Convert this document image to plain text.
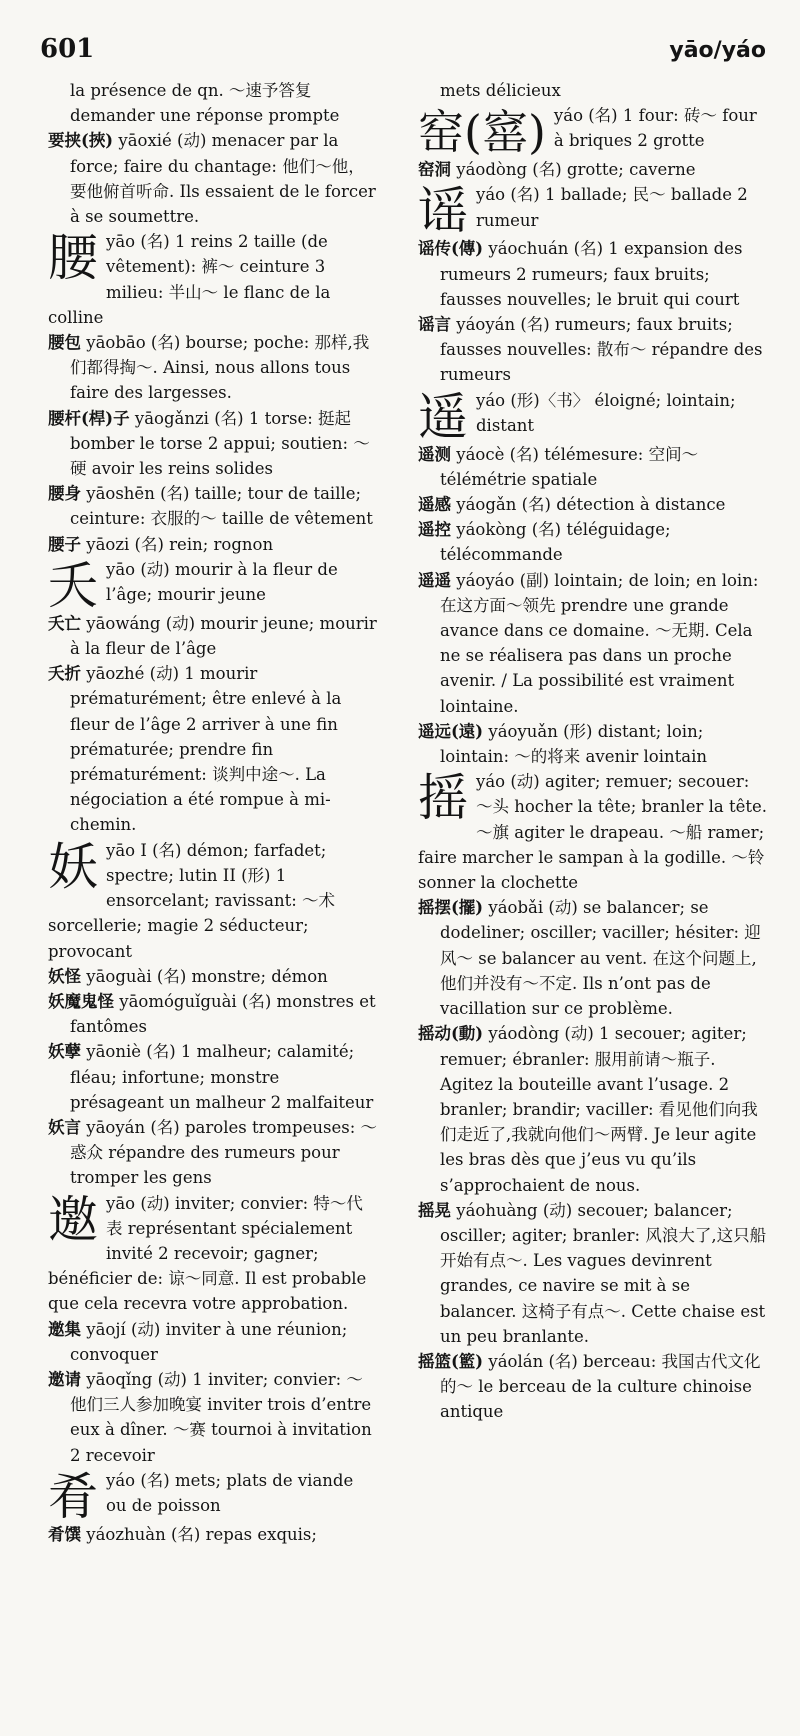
601	yāo/yáo
la présence de qn. ～速予答复 demander une réponse prompte
要挟(挾) yāoxié (动) menacer par la force; faire du chantage: 他们～他，要他俯首听命. Ils essaient de le forcer à se soumettre.
腰yāo (名) 1 reins 2 taille (de vêtement): 裤～ ceinture 3 milieu: 半山～ le flanc de la colline
腰包 yāobāo (名) bourse; poche: 那样,我们都得掏～. Ainsi, nous allons tous faire des largesses.
腰杆(桿)子 yāogǎnzi (名) 1 torse: 挺起 bomber le torse 2 appui; soutien: ～硬 avoir les reins solides
腰身 yāoshēn (名) taille; tour de taille; ceinture: 衣服的～ taille de vêtement
腰子 yāozi (名) rein; rognon
夭yāo (动) mourir à la fleur de l’âge; mourir jeune
夭亡 yāowáng (动) mourir jeune; mourir à la fleur de l’âge
夭折 yāozhé (动) 1 mourir prématurément; être enlevé à la fleur de l’âge 2 arriver à une fin prématurée; prendre fin prématurément: 谈判中途～. La négociation a été rompue à mi-chemin.
妖yāo I (名) démon; farfadet; spectre; lutin II (形) 1 ensorcelant; ravissant: ～术 sorcellerie; magie 2 séducteur; provocant
妖怪 yāoguài (名) monstre; démon
妖魔鬼怪 yāomóguǐguài (名) monstres et fantômes
妖孽 yāoniè (名) 1 malheur; calamité; fléau; infortune; monstre présageant un malheur 2 malfaiteur
妖言 yāoyán (名) paroles trompeuses: ～惑众 répandre des rumeurs pour tromper les gens
邀yāo (动) inviter; convier: 特～代表 représentant spécialement invité 2 recevoir; gagner; bénéficier de: 谅～同意. Il est probable que cela recevra votre approbation.
邀集 yāojí (动) inviter à une réunion; convoquer
邀请 yāoqǐng (动) 1 inviter; convier: ～他们三人参加晚宴 inviter trois d’entre eux à dîner. ～赛 tournoi à invitation 2 recevoir
肴yáo (名) mets; plats de viande ou de poisson
肴馔 yáozhuàn (名) repas exquis;
mets délicieux
窑(窰) yáo (名) 1 four: 砖～ four à briques 2 grotte
窑洞 yáodòng (名) grotte; caverne
谣yáo (名) 1 ballade; 民～ ballade 2 rumeur
谣传(傳) yáochuán (名) 1 expansion des rumeurs 2 rumeurs; faux bruits; fausses nouvelles; le bruit qui court
谣言 yáoyán (名) rumeurs; faux bruits; fausses nouvelles: 散布～ répandre des rumeurs
遥yáo (形)〈书〉 éloigné; lointain; distant
遥测 yáocè (名) télémesure: 空间～ télémétrie spatiale
遥感 yáogǎn (名) détection à distance
遥控 yáokòng (名) téléguidage; télécommande
遥遥 yáoyáo (副) lointain; de loin; en loin: 在这方面～领先 prendre une grande avance dans ce domaine. ～无期. Cela ne se réalisera pas dans un proche avenir. / La possibilité est vraiment lointaine.
遥远(遠) yáoyuǎn (形) distant; loin; lointain: ～的将来 avenir lointain
摇yáo (动) agiter; remuer; secouer: ～头 hocher la tête; branler la tête. ～旗 agiter le drapeau. ～船 ramer; faire marcher le sampan à la godille. ～铃 sonner la clochette
摇摆(擺) yáobǎi (动) se balancer; se dodeliner; osciller; vaciller; hésiter: 迎风～ se balancer au vent. 在这个问题上,他们并没有～不定. Ils n’ont pas de vacillation sur ce problème.
摇动(動) yáodòng (动) 1 secouer; agiter; remuer; ébranler: 服用前请～瓶子. Agitez la bouteille avant l’usage. 2 branler; brandir; vaciller: 看见他们向我们走近了,我就向他们～两臂. Je leur agite les bras dès que j’eus vu qu’ils s’approchaient de nous.
摇晃 yáohuàng (动) secouer; balancer; osciller; agiter; branler: 风浪大了,这只船开始有点～. Les vagues devinrent grandes, ce navire se mit à se balancer. 这椅子有点～. Cette chaise est un peu branlante.
摇篮(籃) yáolán (名) berceau: 我国古代文化的～ le berceau de la culture chinoise antique
